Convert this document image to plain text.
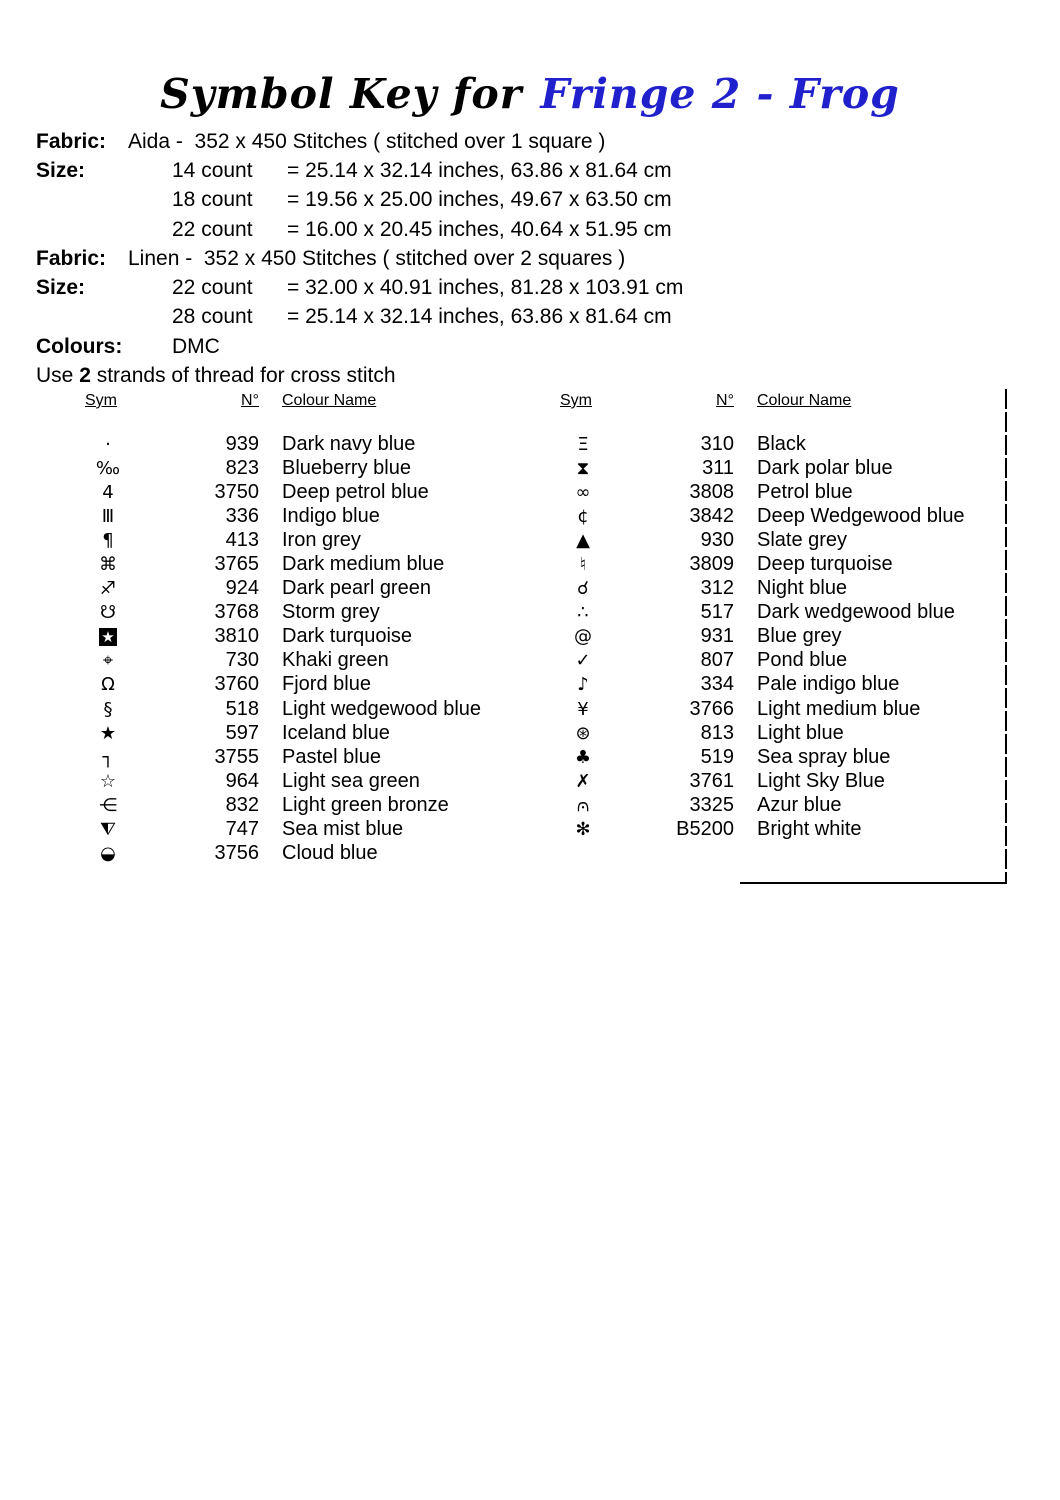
Symbol Key for Fringe 2 - Frog
Fabric:	Aida -  352 x 450 Stitches ( stitched over 1 square )
Size:	14 count	= 25.14 x 32.14 inches, 63.86 x 81.64 cm
18 count	= 19.56 x 25.00 inches, 49.67 x 63.50 cm
22 count	= 16.00 x 20.45 inches, 40.64 x 51.95 cm
Fabric:	Linen -  352 x 450 Stitches ( stitched over 2 squares )
Size:	22 count	= 32.00 x 40.91 inches, 81.28 x 103.91 cm
28 count	= 25.14 x 32.14 inches, 63.86 x 81.64 cm
Colours:	DMC
Use 2 strands of thread for cross stitch
Sym	N°	Colour Name
·	939	Dark navy blue
‰	823	Blueberry blue
4	3750	Deep petrol blue
Ⅲ	336	Indigo blue
¶	413	Iron grey
⌘	3765	Dark medium blue
♐	924	Dark pearl green
☋	3768	Storm grey
★	3810	Dark turquoise
⌖	730	Khaki green
Ω	3760	Fjord blue
§	518	Light wedgewood blue
★	597	Iceland blue
┐	3755	Pastel blue
☆	964	Light sea green
⋲	832	Light green bronze
⧨	747	Sea mist blue
◒	3756	Cloud blue
Sym	N°	Colour Name
Ξ	310	Black
⧗	311	Dark polar blue
∞	3808	Petrol blue
¢	3842	Deep Wedgewood blue
▲	930	Slate grey
♮	3809	Deep turquoise
☌	312	Night blue
∴	517	Dark wedgewood blue
@	931	Blue grey
✓	807	Pond blue
♪	334	Pale indigo blue
¥	3766	Light medium blue
⊛	813	Light blue
♣	519	Sea spray blue
✗	3761	Light Sky Blue
⩀	3325	Azur blue
✻	B5200	Bright white
